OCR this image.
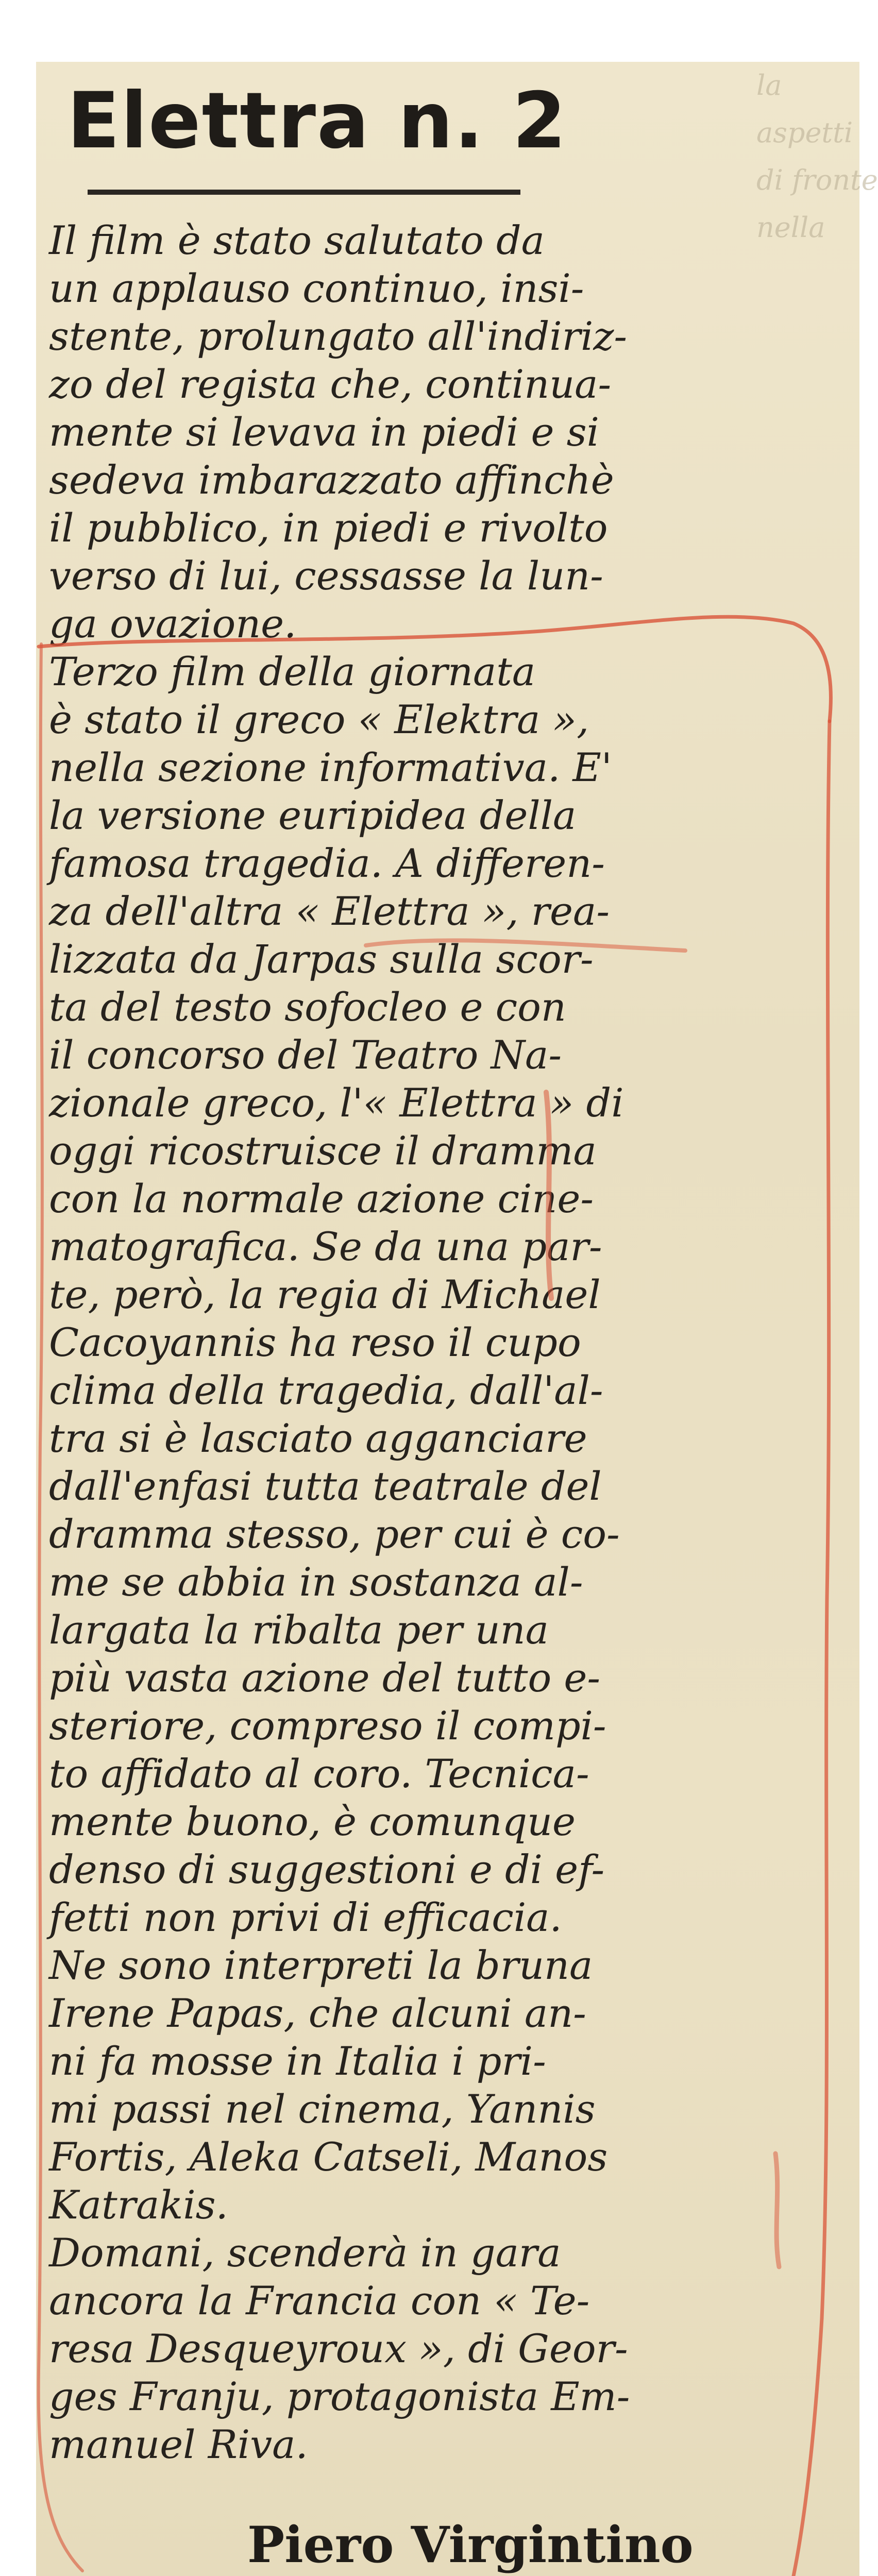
la
aspetti
di fronte
nella
Elettra n. 2

Il film è stato salutato da
un applauso continuo, insi-
stente, prolungato all'indiriz-
zo del regista che, continua-
mente si levava in piedi e si
sedeva imbarazzato affinchè
il pubblico, in piedi e rivolto
verso di lui, cessasse la lun-
ga ovazione.

Terzo film della giornata
è stato il greco « Elektra »,
nella sezione informativa. E'
la versione euripidea della
famosa tragedia. A differen-
za dell'altra « Elettra », rea-
lizzata da Jarpas sulla scor-
ta del testo sofocleo e con
il concorso del Teatro Na-
zionale greco, l'« Elettra » di
oggi ricostruisce il dramma
con la normale azione cine-
matografica. Se da una par-
te, però, la regia di Michael
Cacoyannis ha reso il cupo
clima della tragedia, dall'al-
tra si è lasciato agganciare
dall'enfasi tutta teatrale del
dramma stesso, per cui è co-
me se abbia in sostanza al-
largata la ribalta per una
più vasta azione del tutto e-
steriore, compreso il compi-
to affidato al coro. Tecnica-
mente buono, è comunque
denso di suggestioni e di ef-
fetti non privi di efficacia.
Ne sono interpreti la bruna
Irene Papas, che alcuni an-
ni fa mosse in Italia i pri-
mi passi nel cinema, Yannis
Fortis, Aleka Catseli, Manos
Katrakis.

Domani, scenderà in gara
ancora la Francia con « Te-
resa Desqueyroux », di Geor-
ges Franju, protagonista Em-
manuel Riva.

Piero Virgintino
